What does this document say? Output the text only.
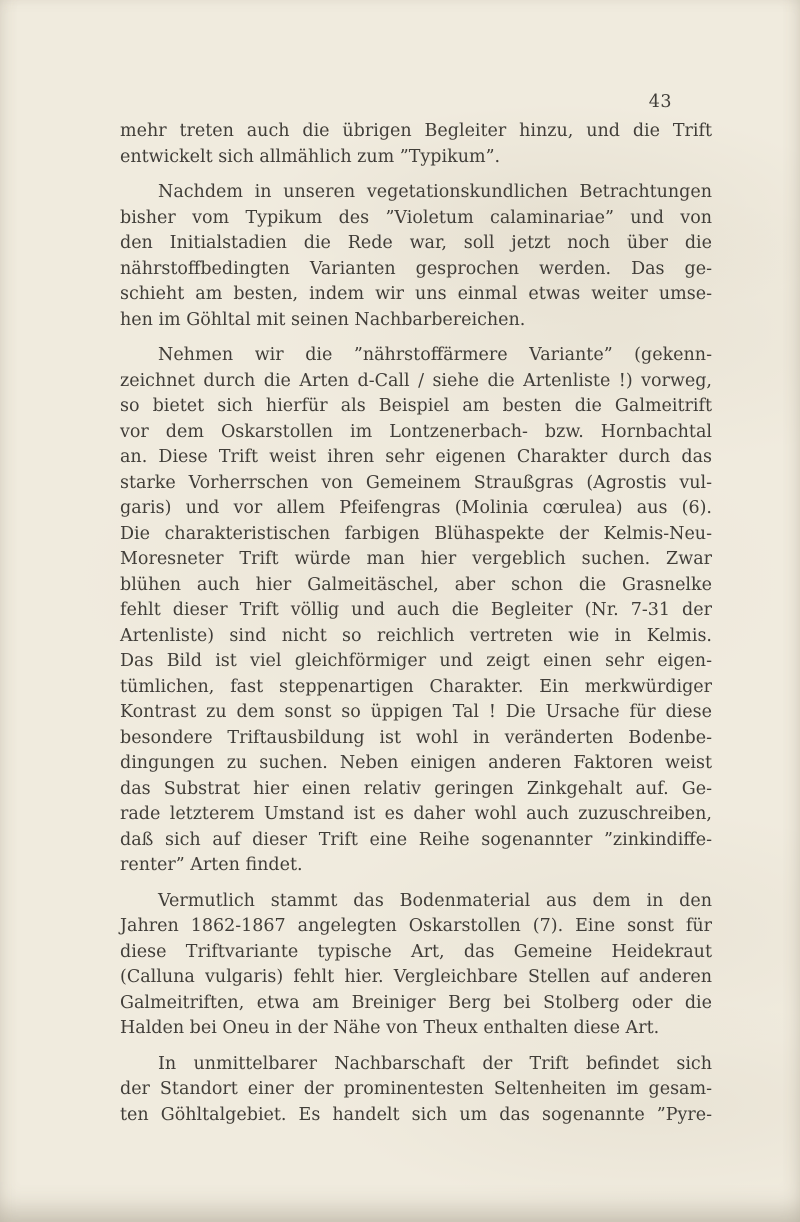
43
mehr treten auch die übrigen Begleiter hinzu, und die Trift
entwickelt sich allmählich zum ”Typikum”.
Nachdem in unseren vegetationskundlichen Betrachtungen
bisher vom Typikum des ”Violetum calaminariae” und von
den Initialstadien die Rede war, soll jetzt noch über die
nährstoffbedingten Varianten gesprochen werden. Das ge-
schieht am besten, indem wir uns einmal etwas weiter umse-
hen im Göhltal mit seinen Nachbarbereichen.
Nehmen wir die ”nährstoffärmere Variante” (gekenn-
zeichnet durch die Arten d-Call / siehe die Artenliste !) vorweg,
so bietet sich hierfür als Beispiel am besten die Galmeitrift
vor dem Oskarstollen im Lontzenerbach- bzw. Hornbachtal
an. Diese Trift weist ihren sehr eigenen Charakter durch das
starke Vorherrschen von Gemeinem Straußgras (Agrostis vul-
garis) und vor allem Pfeifengras (Molinia cœrulea) aus (6).
Die charakteristischen farbigen Blühaspekte der Kelmis-Neu-
Moresneter Trift würde man hier vergeblich suchen. Zwar
blühen auch hier Galmeitäschel, aber schon die Grasnelke
fehlt dieser Trift völlig und auch die Begleiter (Nr. 7-31 der
Artenliste) sind nicht so reichlich vertreten wie in Kelmis.
Das Bild ist viel gleichförmiger und zeigt einen sehr eigen-
tümlichen, fast steppenartigen Charakter. Ein merkwürdiger
Kontrast zu dem sonst so üppigen Tal ! Die Ursache für diese
besondere Triftausbildung ist wohl in veränderten Bodenbe-
dingungen zu suchen. Neben einigen anderen Faktoren weist
das Substrat hier einen relativ geringen Zinkgehalt auf. Ge-
rade letzterem Umstand ist es daher wohl auch zuzuschreiben,
daß sich auf dieser Trift eine Reihe sogenannter ”zinkindiffe-
renter” Arten findet.
Vermutlich stammt das Bodenmaterial aus dem in den
Jahren 1862-1867 angelegten Oskarstollen (7). Eine sonst für
diese Triftvariante typische Art, das Gemeine Heidekraut
(Calluna vulgaris) fehlt hier. Vergleichbare Stellen auf anderen
Galmeitriften, etwa am Breiniger Berg bei Stolberg oder die
Halden bei Oneu in der Nähe von Theux enthalten diese Art.
In unmittelbarer Nachbarschaft der Trift befindet sich
der Standort einer der prominentesten Seltenheiten im gesam-
ten Göhltalgebiet. Es handelt sich um das sogenannte ”Pyre-
